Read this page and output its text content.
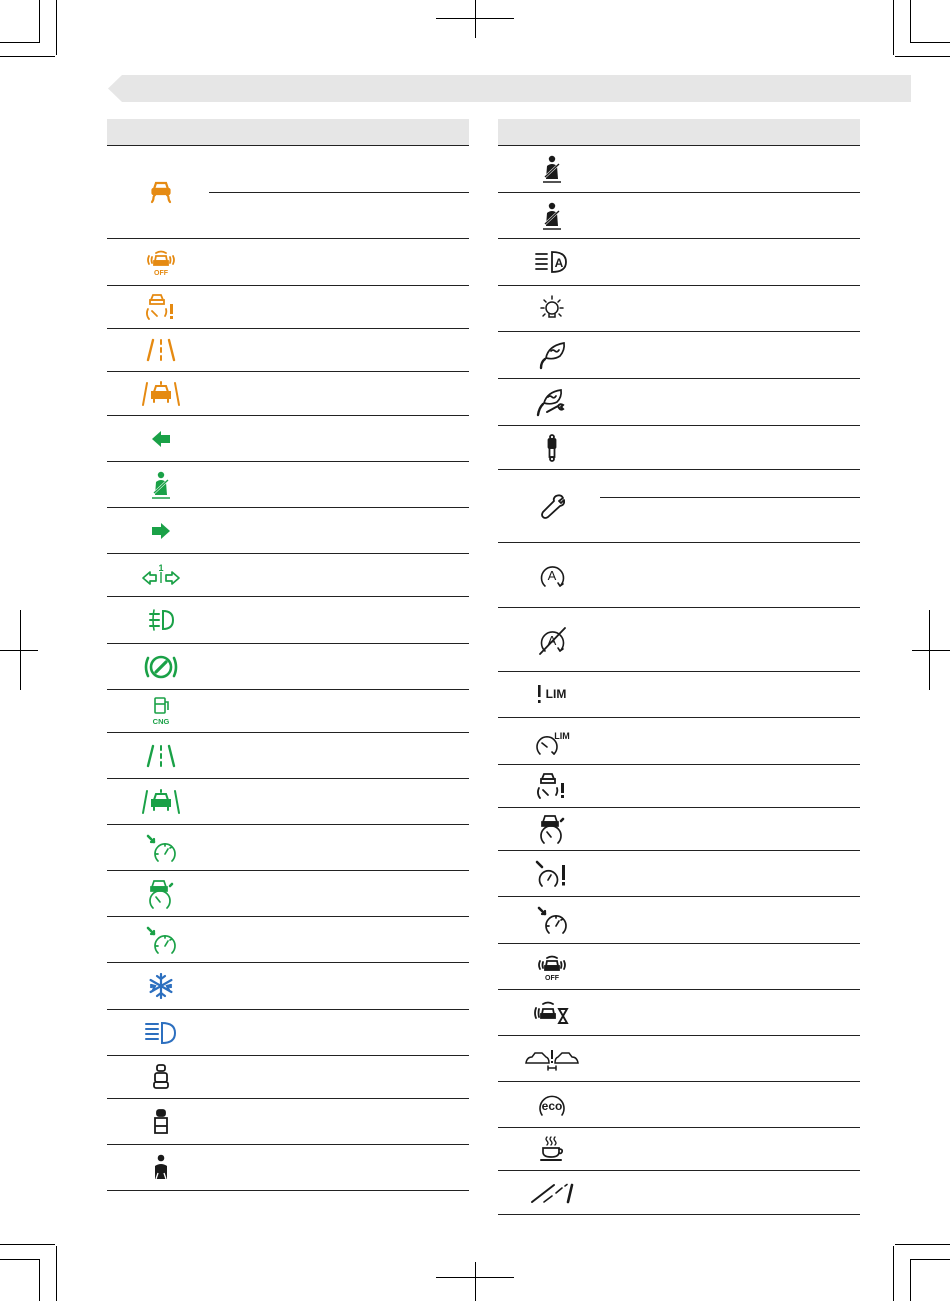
OFF
1
CNG
A
A
A
LIM
LIM
OFF
eco
